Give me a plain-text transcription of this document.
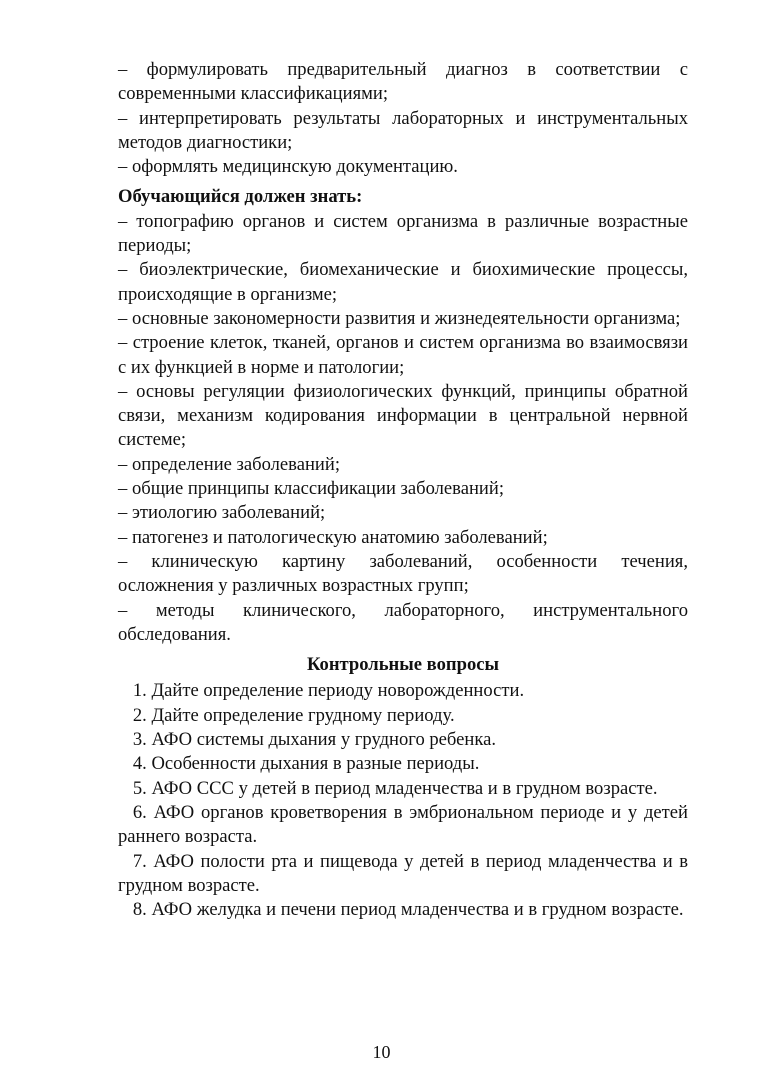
– формулировать предварительный диагноз в соответствии с современными классификациями;

– интерпретировать результаты лабораторных и инструментальных методов диагностики;

– оформлять медицинскую документацию.

Обучающийся должен знать:

– топографию органов и систем организма в различные возрастные периоды;

– биоэлектрические, биомеханические и биохимические процессы, происходящие в организме;

– основные закономерности развития и жизнедеятельности организма;

– строение клеток, тканей, органов и систем организма во взаимосвязи с их функцией в норме и патологии;

– основы регуляции физиологических функций, принципы обратной связи, механизм кодирования информации в центральной нервной системе;

– определение заболеваний;

– общие принципы классификации заболеваний;

– этиологию заболеваний;

– патогенез и патологическую анатомию заболеваний;

– клиническую картину заболеваний, особенности течения, осложнения у различных возрастных групп;

– методы клинического, лабораторного, инструментального обследования.

Контрольные вопросы

1. Дайте определение периоду новорожденности.

2. Дайте определение грудному периоду.

3. АФО системы дыхания у грудного ребенка.

4. Особенности дыхания в разные периоды.

5. АФО ССС у детей в период младенчества и в грудном возрасте.

6. АФО органов кроветворения в эмбриональном периоде и у детей раннего возраста.

7. АФО полости рта и пищевода у детей в период младенчества и в грудном возрасте.

8. АФО желудка и печени период младенчества и в грудном возрасте.

10
